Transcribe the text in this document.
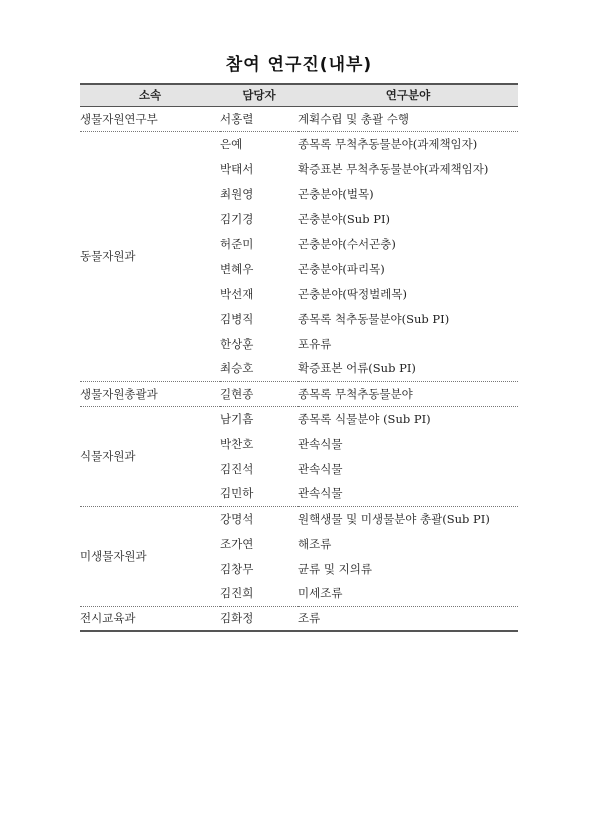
참여 연구진(내부)
소속	담당자	연구분야
생물자원연구부	서홍렬	계획수립 및 총괄 수행
동물자원과	은예	종목록 무척추동물분야(과제책임자)
	박태서	확증표본 무척추동물분야(과제책임자)
	최원영	곤충분야(벌목)
	김기경	곤충분야(Sub PI)
	허준미	곤충분야(수서곤충)
	변혜우	곤충분야(파리목)
	박선재	곤충분야(딱정벌레목)
	김병직	종목록 척추동물분야(Sub PI)
	한상훈	포유류
	최승호	확증표본 어류(Sub PI)
생물자원총괄과	길현종	종목록 무척추동물분야
식물자원과	남기흠	종목록 식물분야 (Sub PI)
	박찬호	관속식물
	김진석	관속식물
	김민하	관속식물
미생물자원과	강명석	원핵생물 및 미생물분야 총괄(Sub PI)
	조가연	해조류
	김창무	균류 및 지의류
	김진희	미세조류
전시교육과	김화정	조류
